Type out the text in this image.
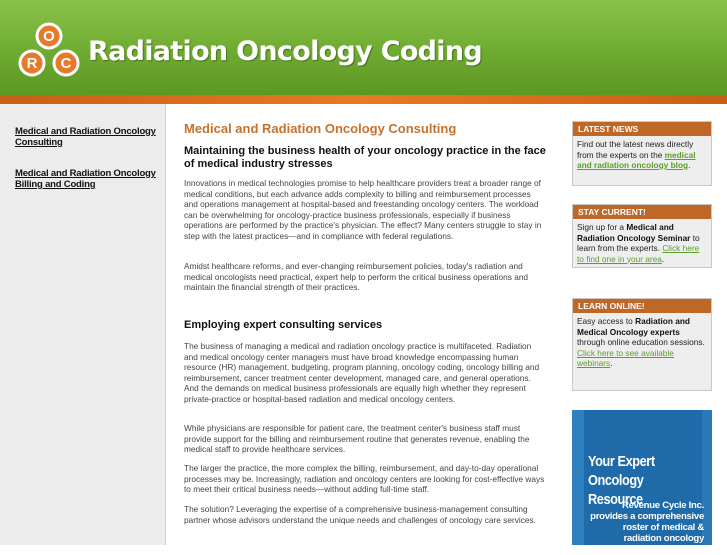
O
R C Radiation Oncology Coding
Medical and Radiation Oncology Consulting
Medical and Radiation Oncology Billing and Coding
Medical and Radiation Oncology Consulting
Maintaining the business health of your oncology practice in the face of medical industry stresses
Innovations in medical technologies promise to help healthcare providers treat a broader range of medical conditions, but each advance adds complexity to billing and reimbursement processes and operations management at hospital-based and freestanding oncology centers. The workload can be overwhelming for oncology-practice business professionals, especially if business operations are performed by the practice's physician. The effect? Many centers struggle to stay in step with the latest practices—and in compliance with federal regulations.
Amidst healthcare reforms, and ever-changing reimbursement policies, today's radiation and medical oncologists need practical, expert help to perform the critical business operations and maintain the financial strength of their practices.
Employing expert consulting services
The business of managing a medical and radiation oncology practice is multifaceted. Radiation and medical oncology center managers must have broad knowledge encompassing human resource (HR) management, budgeting, program planning, oncology coding, oncology billing and reimbursement, cancer treatment center development, managed care, and general operations. And the demands on medical business professionals are equally high whether they represent private-practice or hospital-based radiation and medical oncology centers.
While physicians are responsible for patient care, the treatment center's business staff must provide support for the billing and reimbursement routine that generates revenue, enabling the medical staff to provide healthcare services.
The larger the practice, the more complex the billing, reimbursement, and day-to-day operational processes may be. Increasingly, radiation and oncology centers are looking for cost-effective ways to meet their critical business needs—without adding full-time staff.
The solution? Leveraging the expertise of a comprehensive business-management consulting partner whose advisors understand the unique needs and challenges of oncology care services.
LATEST NEWS
Find out the latest news directly from the experts on the medical and radiation oncology blog.
STAY CURRENT!
Sign up for a Medical and Radiation Oncology Seminar to learn from the experts. Click here to find one in your area.
LEARN ONLINE!
Easy access to Radiation and Medical Oncology experts through online education sessions. Click here to see available webinars.
Your Expert
Oncology Resource
Revenue Cycle Inc. provides a comprehensive roster of medical & radiation oncology management, consulting &
